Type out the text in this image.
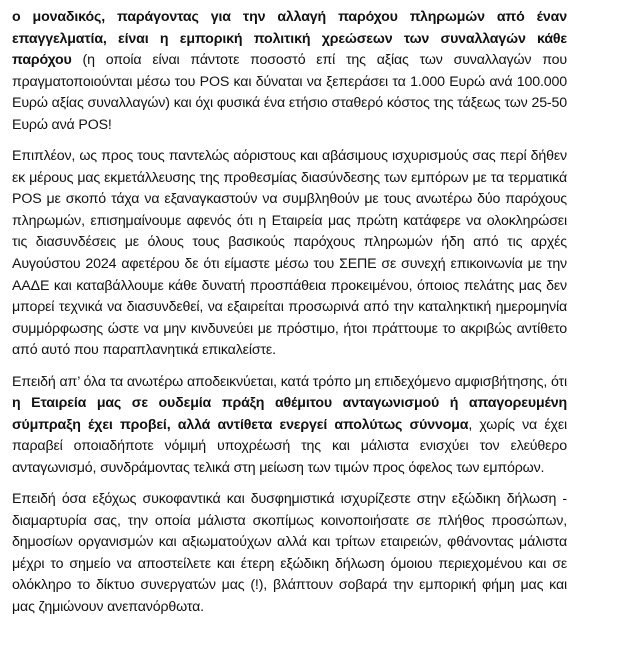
ο μοναδικός, παράγοντας για την αλλαγή παρόχου πληρωμών από έναν επαγγελματία, είναι η εμπορική πολιτική χρεώσεων των συναλλαγών κάθε παρόχου (η οποία είναι πάντοτε ποσοστό επί της αξίας των συναλλαγών που πραγματοποιούνται μέσω του POS και δύναται να ξεπεράσει τα 1.000 Ευρώ ανά 100.000 Ευρώ αξίας συναλλαγών) και όχι φυσικά ένα ετήσιο σταθερό κόστος της τάξεως των 25-50 Ευρώ ανά POS!

Επιπλέον, ως προς τους παντελώς αόριστους και αβάσιμους ισχυρισμούς σας περί δήθεν εκ μέρους μας εκμετάλλευσης της προθεσμίας διασύνδεσης των εμπόρων με τα τερματικά POS με σκοπό τάχα να εξαναγκαστούν να συμβληθούν με τους ανωτέρω δύο παρόχους πληρωμών, επισημαίνουμε αφενός ότι η Εταιρεία μας πρώτη κατάφερε να ολοκληρώσει τις διασυνδέσεις με όλους τους βασικούς παρόχους πληρωμών ήδη από τις αρχές Αυγούστου 2024 αφετέρου δε ότι είμαστε μέσω του ΣΕΠΕ σε συνεχή επικοινωνία με την ΑΑΔΕ και καταβάλλουμε κάθε δυνατή προσπάθεια προκειμένου, όποιος πελάτης μας δεν μπορεί τεχνικά να διασυνδεθεί, να εξαιρείται προσωρινά από την καταληκτική ημερομηνία συμμόρφωσης ώστε να μην κινδυνεύει με πρόστιμο, ήτοι πράττουμε το ακριβώς αντίθετο από αυτό που παραπλανητικά επικαλείστε.

Επειδή απ’ όλα τα ανωτέρω αποδεικνύεται, κατά τρόπο μη επιδεχόμενο αμφισβήτησης, ότι η Εταιρεία μας σε ουδεμία πράξη αθέμιτου ανταγωνισμού ή απαγορευμένη σύμπραξη έχει προβεί, αλλά αντίθετα ενεργεί απολύτως σύννομα, χωρίς να έχει παραβεί οποιαδήποτε νόμιμή υποχρέωσή της και μάλιστα ενισχύει τον ελεύθερο ανταγωνισμό, συνδράμοντας τελικά στη μείωση των τιμών προς όφελος των εμπόρων.

Επειδή όσα εξόχως συκοφαντικά και δυσφημιστικά ισχυρίζεστε στην εξώδικη δήλωση - διαμαρτυρία σας, την οποία μάλιστα σκοπίμως κοινοποιήσατε σε πλήθος προσώπων, δημοσίων οργανισμών και αξιωματούχων αλλά και τρίτων εταιρειών, φθάνοντας μάλιστα μέχρι το σημείο να αποστείλετε και έτερη εξώδικη δήλωση όμοιου περιεχομένου και σε ολόκληρο το δίκτυο συνεργατών μας (!), βλάπτουν σοβαρά την εμπορική φήμη μας και μας ζημιώνουν ανεπανόρθωτα.
